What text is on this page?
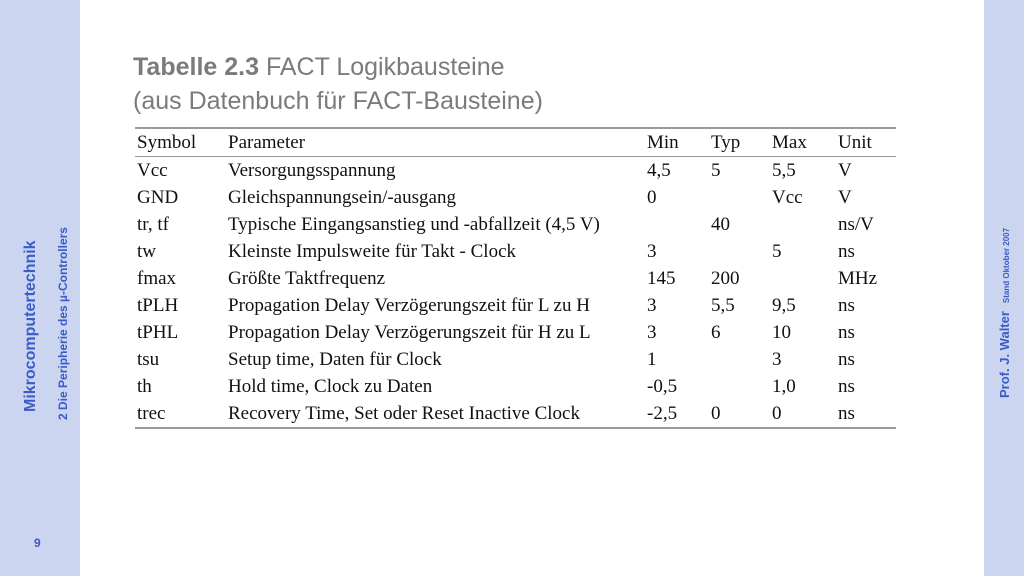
Mikrocomputertechnik 2 Die Peripherie des µ-Controllers
9
Prof. J. WalterStand Oktober 2007
Tabelle 2.3 FACT Logikbausteine
(aus Datenbuch für FACT-Bausteine)
Symbol	Parameter	Min	Typ	Max	Unit
Vcc	Versorgungsspannung	4,5	5	5,5	V
GND	Gleichspannungsein/-ausgang	0		Vcc	V
tr, tf	Typische Eingangsanstieg und -abfallzeit (4,5 V)		40		ns/V
tw	Kleinste Impulsweite für Takt - Clock	3		5	ns
fmax	Größte Taktfrequenz	145	200		MHz
tPLH	Propagation Delay Verzögerungszeit für L zu H	3	5,5	9,5	ns
tPHL	Propagation Delay Verzögerungszeit für H zu L	3	6	10	ns
tsu	Setup time, Daten für Clock	1		3	ns
th	Hold time, Clock zu Daten	-0,5		1,0	ns
trec	Recovery Time, Set oder Reset Inactive Clock	-2,5	0	0	ns
